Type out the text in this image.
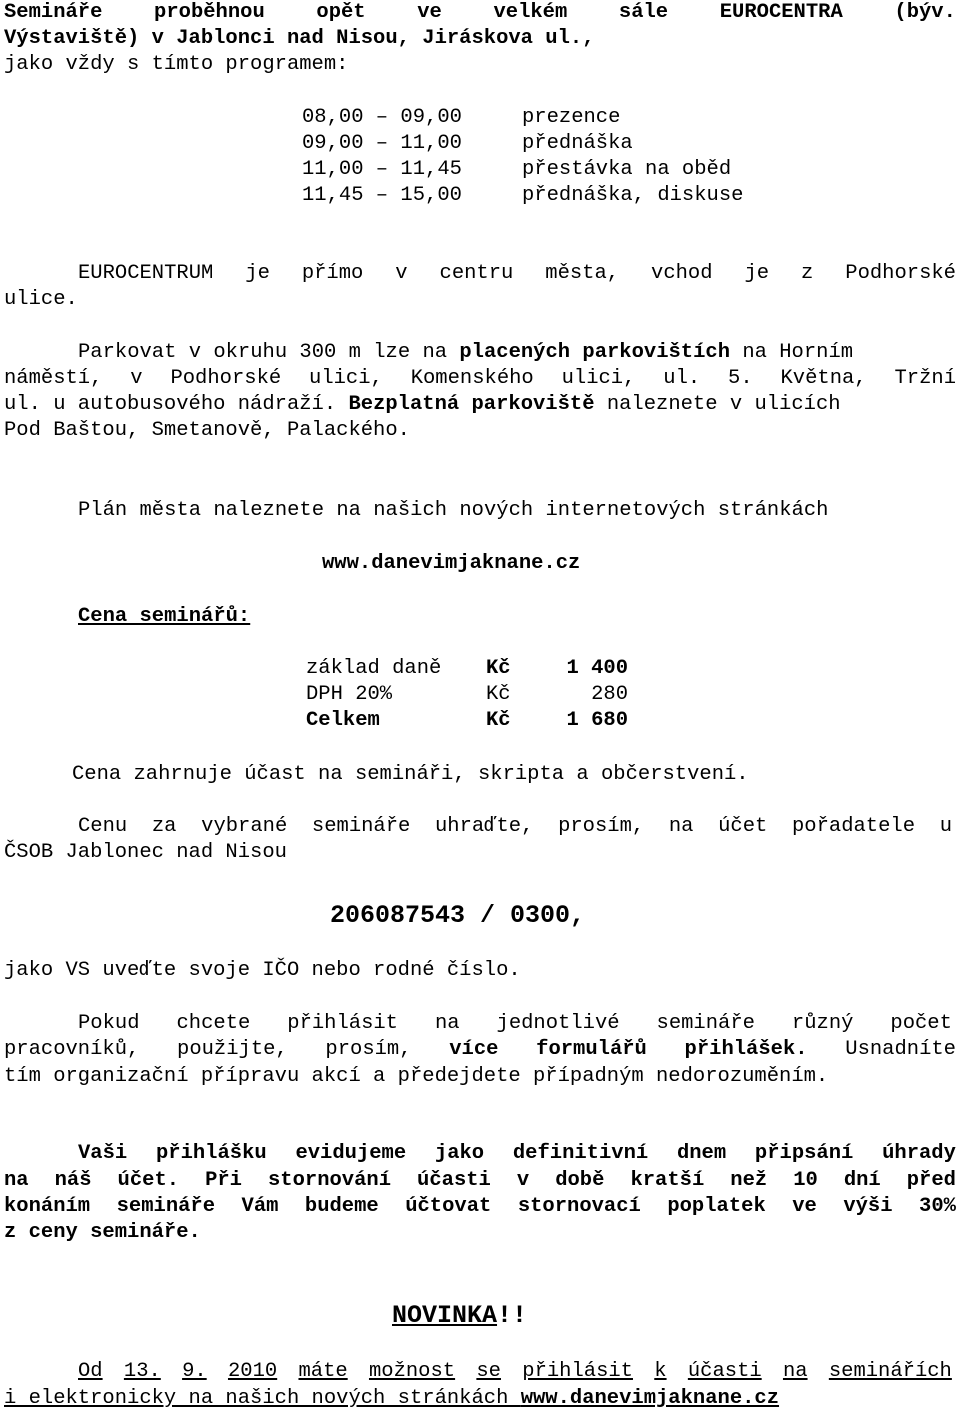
Semináře	proběhnou	opět	ve	velkém	sále	EUROCENTRA	(býv.
Výstaviště) v Jablonci nad Nisou, Jiráskova ul.,
jako vždy s tímto programem:
08,00 – 09,00	prezence
09,00 – 11,00	přednáška
11,00 – 11,45	přestávka na oběd
11,45 – 15,00	přednáška, diskuse
EUROCENTRUM je přímo v centru města, vchod je z Podhorské
ulice.
Parkovat v okruhu 300 m lze na placených parkovištích na Horním
náměstí, v Podhorské ulici, Komenského ulici, ul. 5. Května, Tržní
ul. u autobusového nádraží. Bezplatná parkoviště naleznete v ulicích
Pod Baštou, Smetanově, Palackého.
Plán města naleznete na našich nových internetových stránkách
www.danevimjaknane.cz
Cena seminářů:
základ daně Kč	1 400
DPH 20%	Kč	280
Celkem	Kč	1 680
Cena zahrnuje účast na semináři, skripta a občerstvení.
Cenu za vybrané semináře uhraďte, prosím, na účet pořadatele u
ČSOB Jablonec nad Nisou
206087543 / 0300,
jako VS uveďte svoje IČO nebo rodné číslo.
Pokud chcete přihlásit na jednotlivé semináře různý počet
pracovníků, použijte, prosím, více formulářů přihlášek. Usnadníte
tím organizační přípravu akcí a předejdete případným nedorozuměním.
Vaši přihlášku evidujeme jako definitivní dnem připsání úhrady
na náš účet. Při stornování účasti v době kratší než 10 dní před
konáním semináře Vám budeme účtovat stornovací poplatek ve výši 30%
z ceny semináře.
NOVINKA!!
Od 13. 9. 2010 máte možnost se přihlásit k účasti na seminářích
i elektronicky na našich nových stránkách www.danevimjaknane.cz
